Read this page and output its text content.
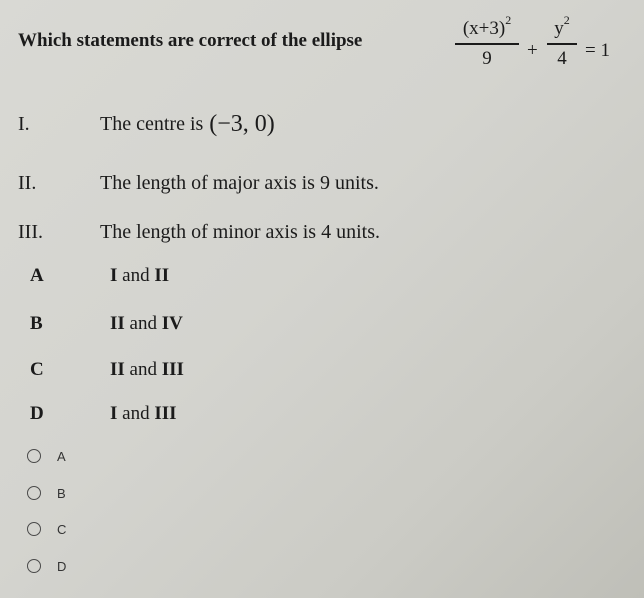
Which statements are correct of the ellipse
$(x+3)^2$
9	+
$y^2$
4 = 1
I.	The centre is (−3, 0)
II.	The length of major axis is 9 units.
III.	The length of minor axis is 4 units.
A	I and II
B	II and IV
C	II and III
D	I and III
A
B
C
D
